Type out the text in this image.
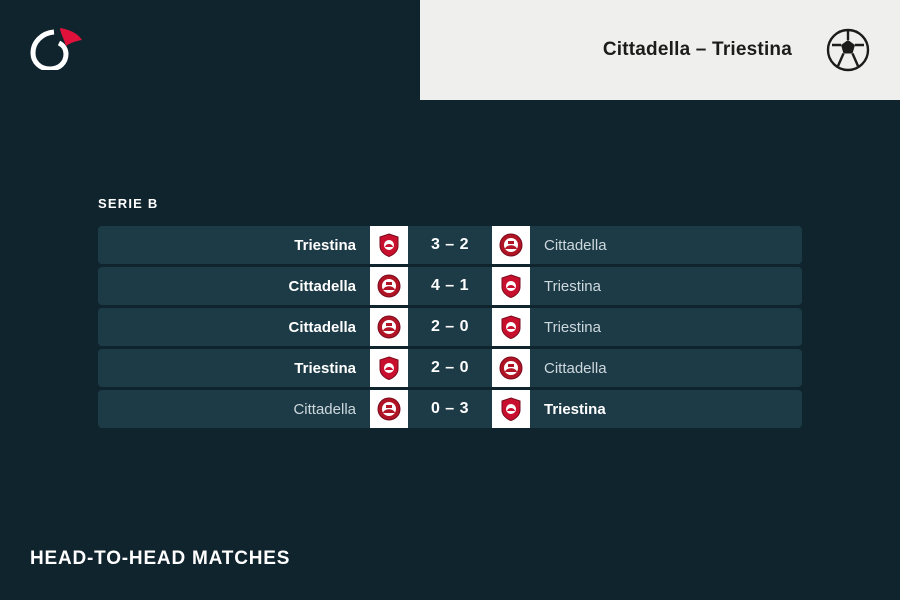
Cittadella – Triestina
SERIE B
Triestina	3 – 2	Cittadella
Cittadella	4 – 1	Triestina
Cittadella	2 – 0	Triestina
Triestina	2 – 0	Cittadella
Cittadella	0 – 3	Triestina
HEAD-TO-HEAD MATCHES
